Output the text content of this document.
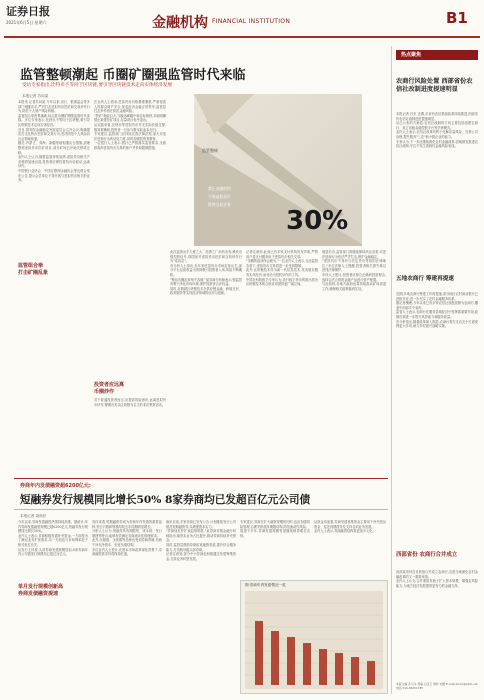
证券日报
2021年6月5日 星期六	金融机构 FINANCIAL INSTITUTION	B1
监管整顿潮起 币圈矿圈强监管时代来临
受访专家指出,比特币不等同于区块链,要引导区块链技术走向实体经济发展
本报记者 苏向杲
监管整顿
禁止金融机构
开展虚拟货币
暂停交易业务
30%
本报讯 记者苏向杲 今年以来,央行、银保监会等多部门相继出手,严厉打击虚拟货币挖矿和交易炒作行为,防范个人财产风险转嫁。
监管组合拳密集落地,标志着币圈矿圈强监管时代来临。多位专家表示,比特币不等同于区块链,要引导区块链技术走向实体经济。
近日,国务院金融稳定发展委员会召开会议,明确提出打击比特币挖矿和交易行为,坚决防范个人风险向社会领域传递。
随后,内蒙古、青海、新疆等地相继出台措施,清理整顿虚拟货币挖矿项目,部分矿场已开始关停或迁移。
业内人士认为,随着监管持续加码,虚拟货币相关产业链将加速出清,投资者应理性看待币价波动,远离炒作。
中国银行业协会、中国互联网金融协会等也联合发布公告,提示会员单位不得开展与虚拟货币相关的业务。
监管组合拳
打击矿圈乱象
在业内人士看来,虚拟货币价格暴涨暴跌,严重侵害人民群众财产安全,扰乱经济金融正常秩序,监管层打击炒作意在防范金融风险。
"挖矿"耗能巨大,与碳达峰碳中和目标相悖,多地明确禁止新建挖矿项目,存量项目有序退出。
从实践来看,比特币等虚拟货币并无实际价值支撑,极易被操纵,投资者一旦参与极可能血本无归。
专家建议,监管部门应持续完善法律法规,加大对违法违规行为的惩处力度,同时加强投资者教育。
一位银行人士表示,银行已严格落实监管要求,全面排查涉虚拟货币交易的账户并采取限制措施。
投资者应远离
币圈炒作
对于普通投资者而言,应提高风险意识,远离虚拟货币炒作,警惕各类以区块链为名义的非法集资活动。
此次监管出手力度之大、范围之广前所未有,释放出强烈的信号,即国家对虚拟货币挖矿和交易炒作行为"零容忍"。
有分析人士指出,近年来虚拟货币市场乱象丛生,部分平台以高收益为诱饵吸引投资者入场,风险不断累积。
"整治币圈乱象刻不容缓,"某券商分析师表示,强监管有利于净化市场环境,保护投资者合法权益。
同时,应鼓励区块链技术在供应链金融、跨境支付、政务服务等实体经济领域的应用与创新。
记者注意到,此前已有多家支付机构发布声明,严禁用户将支付服务用于虚拟货币相关交易。
"币圈的泡沫终会破灭,"一位业内人士表示,当前监管态势下,虚拟货币交易将进一步受到限制。
此外,区块链技术作为新一代信息技术,其发展应服务实体经济,而非沦为投机炒作的工具。
中国社科院相关专家认为,央行数字货币的推出将为区块链技术的合规应用提供更广阔空间。
展望后市,监管部门将继续保持高压态势,对违法违规行为依法严厉打击,维护金融稳定。
"虚拟货币不具有与法定货币等同的法律地位,"多位法律人士提醒,投资者相关损失难以获得法律保护。
市场人士建议,投资者应树立正确的投资理念,选择合法合规的金融产品进行资产配置。
与此同时,各地方政府也将持续推动矿场清退工作,确保相关政策落到实处。
热点聚焦
农商行风险处置 西部省份农信社改制进度提速明显
本报记者 吕东 近期,多省份农信系统改革持续推进,西部省份农信社改制进度提速明显。
从已公布的方案看,农信社改制的方向主要包括组建农商行、设立省级金融控股平台等多种模式。
业内人士表示,农信社改革有利于化解存量风险、完善公司治理,提升服务"三农"和小微企业的能力。
专家认为,下一步应继续深化农村金融改革,因地制宜推进农信社改制,守住不发生系统性金融风险底线。
五地农商行 筹建再提速
近期,多地农商行筹建工作再提速,部分地区农村商业银行已获批开业,进一步充实了农村金融服务体系。
据记者梳理,今年以来已有多家农信社获批改制为农商行,覆盖中西部多个省份。
监管人士表示,农商行在服务县域经济中发挥着重要作用,改制后需进一步提升风控能力和服务质量。
有分析指出,随着改革深入推进,农商行将在支农支小方面发挥更大作用,助力乡村振兴战略实施。
西部省份 农商行合并成立
西部某省份近日获批合并成立农商行,这是当地深化农村金融改革的又一重要举措。
业内人士认为,合并重组有助于扩大资本规模、增强抗风险能力,为地方经济发展提供更有力的金融支持。
本版主编 乔川川 责编 白宝玉 制作 刘雄 E-mail:zmzx@zqrb.net 电话 010-83251785
券商年内发债融资超6200亿元:
短融券发行规模同比增长50% 8家券商均已发超百亿元公司债
本报记者 周尚伃
今年以来,券商发债融资热情持续高涨。据统计,年内券商发债融资规模已超6200亿元,短融券发行规模同比增长50%。
业内人士表示,券商积极发债补充资金,一方面是为了满足业务扩张需求,另一方面也与市场利率处于相对低位有关。
从发行主体看,头部券商发债规模居前,8家券商年内公司债发行规模均已超过百亿元。
单月发行规模创新高
券商发债融资提速
具体来看,短期融资券成为券商年内发债的重要品种,发行只数和规模均较去年同期明显增长。
分析人士认为,短融券具有期限短、成本低、发行便捷等特点,能够有效满足券商流动性管理需求。
此外,次级债、永续债等品种也受到券商青睐,有助于补充净资本、优化负债结构。
多位业内人士预计,在资本市场改革深化背景下,券商融资需求仍将保持旺盛。
截至目前,多家券商已发布公告,计划继续发行公司债及短期融资券,以增强资本实力。
"券商加杠杆扩表趋势明显,"某券商非银金融分析师指出,重资本业务占比提升,推动券商持续补充资金。
同时,监管层鼓励券商拓宽融资渠道,提升综合服务能力,打造航母级头部券商。
记者注意到,部分中小券商也积极通过发债筹集资金,支持业务转型发展。
专家建议,券商在扩大融资规模的同时,也应加强风险管理,合理安排债务期限结构,防范流动性风险。
展望下半年,券商发债规模有望继续保持增长态势。
从资金用途看,券商发债募集资金主要用于补充营运资金、偿还到期债务及支持各项业务发展。
业内人士表示,券商融资结构将更加多元化。
图:券商年内发债情况一览
